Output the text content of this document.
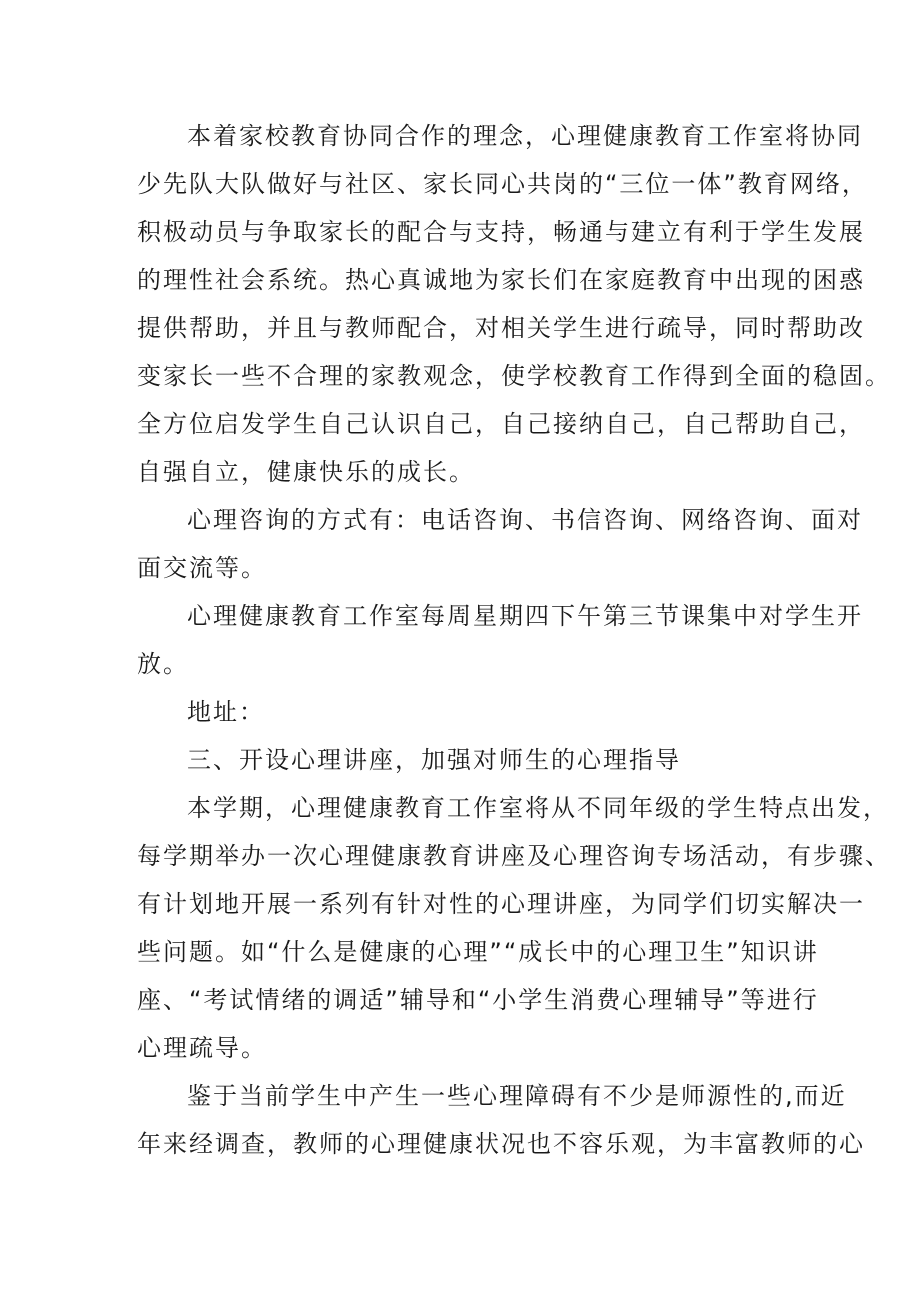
本着家校教育协同合作的理念，心理健康教育工作室将协同
少先队大队做好与社区、家长同心共岗的“三位一体”教育网络，
积极动员与争取家长的配合与支持，畅通与建立有利于学生发展
的理性社会系统。热心真诚地为家长们在家庭教育中出现的困惑
提供帮助，并且与教师配合，对相关学生进行疏导，同时帮助改
变家长一些不合理的家教观念，使学校教育工作得到全面的稳固。
全方位启发学生自己认识自己，自己接纳自己，自己帮助自己，
自强自立，健康快乐的成长。
心理咨询的方式有：电话咨询、书信咨询、网络咨询、面对
面交流等。
心理健康教育工作室每周星期四下午第三节课集中对学生开
放。
地址：
三、开设心理讲座，加强对师生的心理指导
本学期，心理健康教育工作室将从不同年级的学生特点出发，
每学期举办一次心理健康教育讲座及心理咨询专场活动，有步骤、
有计划地开展一系列有针对性的心理讲座，为同学们切实解决一
些问题。如“什么是健康的心理”“成长中的心理卫生”知识讲
座、“考试情绪的调适”辅导和“小学生消费心理辅导”等进行
心理疏导。
鉴于当前学生中产生一些心理障碍有不少是师源性的,而近
年来经调查，教师的心理健康状况也不容乐观，为丰富教师的心
